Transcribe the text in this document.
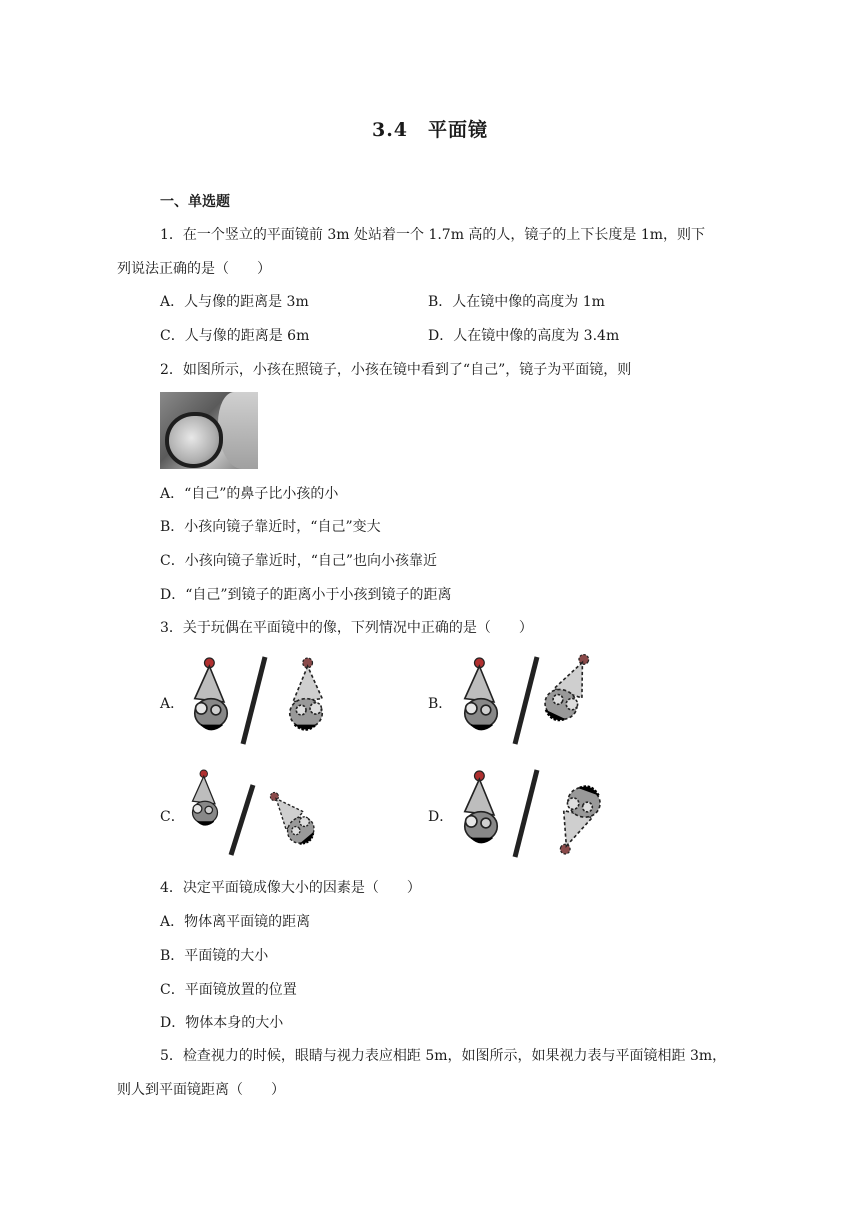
3.4　平面镜
一、单选题
1．在一个竖立的平面镜前 3m 处站着一个 1.7m 高的人，镜子的上下长度是 1m，则下
列说法正确的是（　　）
A．人与像的距离是 3m	B．人在镜中像的高度为 1m
C．人与像的距离是 6m	D．人在镜中像的高度为 3.4m
2．如图所示，小孩在照镜子，小孩在镜中看到了“自己”，镜子为平面镜，则
A．“自己”的鼻子比小孩的小
B．小孩向镜子靠近时，“自己”变大
C．小孩向镜子靠近时，“自己”也向小孩靠近
D．“自己”到镜子的距离小于小孩到镜子的距离
3．关于玩偶在平面镜中的像，下列情况中正确的是（　　）
A．	B．
C．	D．
4．决定平面镜成像大小的因素是（　　）
A．物体离平面镜的距离
B．平面镜的大小
C．平面镜放置的位置
D．物体本身的大小
5．检查视力的时候，眼睛与视力表应相距 5m，如图所示，如果视力表与平面镜相距 3m，
则人到平面镜距离（　　）
